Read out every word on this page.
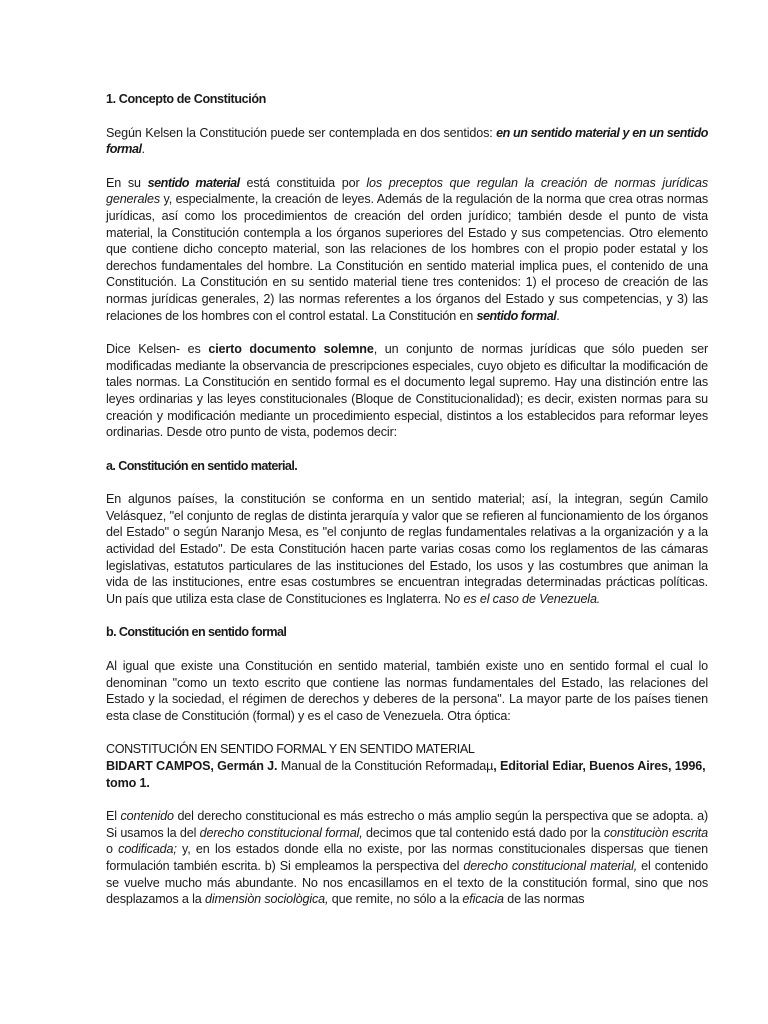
1. Concepto de Constitución

Según Kelsen la Constitución puede ser contemplada en dos sentidos: en un sentido material y en un sentido formal.

En su sentido material está constituida por los preceptos que regulan la creación de normas jurídicas generales y, especialmente, la creación de leyes. Además de la regulación de la norma que crea otras normas jurídicas, así como los procedimientos de creación del orden jurídico; también desde el punto de vista material, la Constitución contempla a los órganos superiores del Estado y sus competencias. Otro elemento que contiene dicho concepto material, son las relaciones de los hombres con el propio poder estatal y los derechos fundamentales del hombre. La Constitución en sentido material implica pues, el contenido de una Constitución. La Constitución en su sentido material tiene tres contenidos: 1) el proceso de creación de las normas jurídicas generales, 2) las normas referentes a los órganos del Estado y sus competencias, y 3) las relaciones de los hombres con el control estatal. La Constitución en sentido formal.

Dice Kelsen- es cierto documento solemne, un conjunto de normas jurídicas que sólo pueden ser modificadas mediante la observancia de prescripciones especiales, cuyo objeto es dificultar la modificación de tales normas. La Constitución en sentido formal es el documento legal supremo. Hay una distinción entre las leyes ordinarias y las leyes constitucionales (Bloque de Constitucionalidad); es decir, existen normas para su creación y modificación mediante un procedimiento especial, distintos a los establecidos para reformar leyes ordinarias. Desde otro punto de vista, podemos decir:

a. Constitución en sentido material.

En algunos países, la constitución se conforma en un sentido material; así, la integran, según Camilo Velásquez, "el conjunto de reglas de distinta jerarquía y valor que se refieren al funcionamiento de los órganos del Estado" o según Naranjo Mesa, es "el conjunto de reglas fundamentales relativas a la organización y a la actividad del Estado". De esta Constitución hacen parte varias cosas como los reglamentos de las cámaras legislativas, estatutos particulares de las instituciones del Estado, los usos y las costumbres que animan la vida de las instituciones, entre esas costumbres se encuentran integradas determinadas prácticas políticas. Un país que utiliza esta clase de Constituciones es Inglaterra. No es el caso de Venezuela.

b. Constitución en sentido formal

Al igual que existe una Constitución en sentido material, también existe uno en sentido formal el cual lo denominan "como un texto escrito que contiene las normas fundamentales del Estado, las relaciones del Estado y la sociedad, el régimen de derechos y deberes de la persona". La mayor parte de los países tienen esta clase de Constitución (formal) y es el caso de Venezuela. Otra óptica:

CONSTITUCIÓN EN SENTIDO FORMAL Y EN SENTIDO MATERIAL

BIDART CAMPOS, Germán J. Manual de la Constitución Reformadaµ, Editorial Ediar, Buenos Aires, 1996, tomo 1.

El contenido del derecho constitucional es más estrecho o más amplio según la perspectiva que se adopta. a) Si usamos la del derecho constitucional formal, decimos que tal contenido está dado por la constituciòn escrita o codificada; y, en los estados donde ella no existe, por las normas constitucionales dispersas que tienen formulación también escrita. b) Si empleamos la perspectiva del derecho constitucional material, el contenido se vuelve mucho más abundante. No nos encasillamos en el texto de la constitución formal, sino que nos desplazamos a la dimensiòn sociològica, que remite, no sólo a la eficacia de las normas
